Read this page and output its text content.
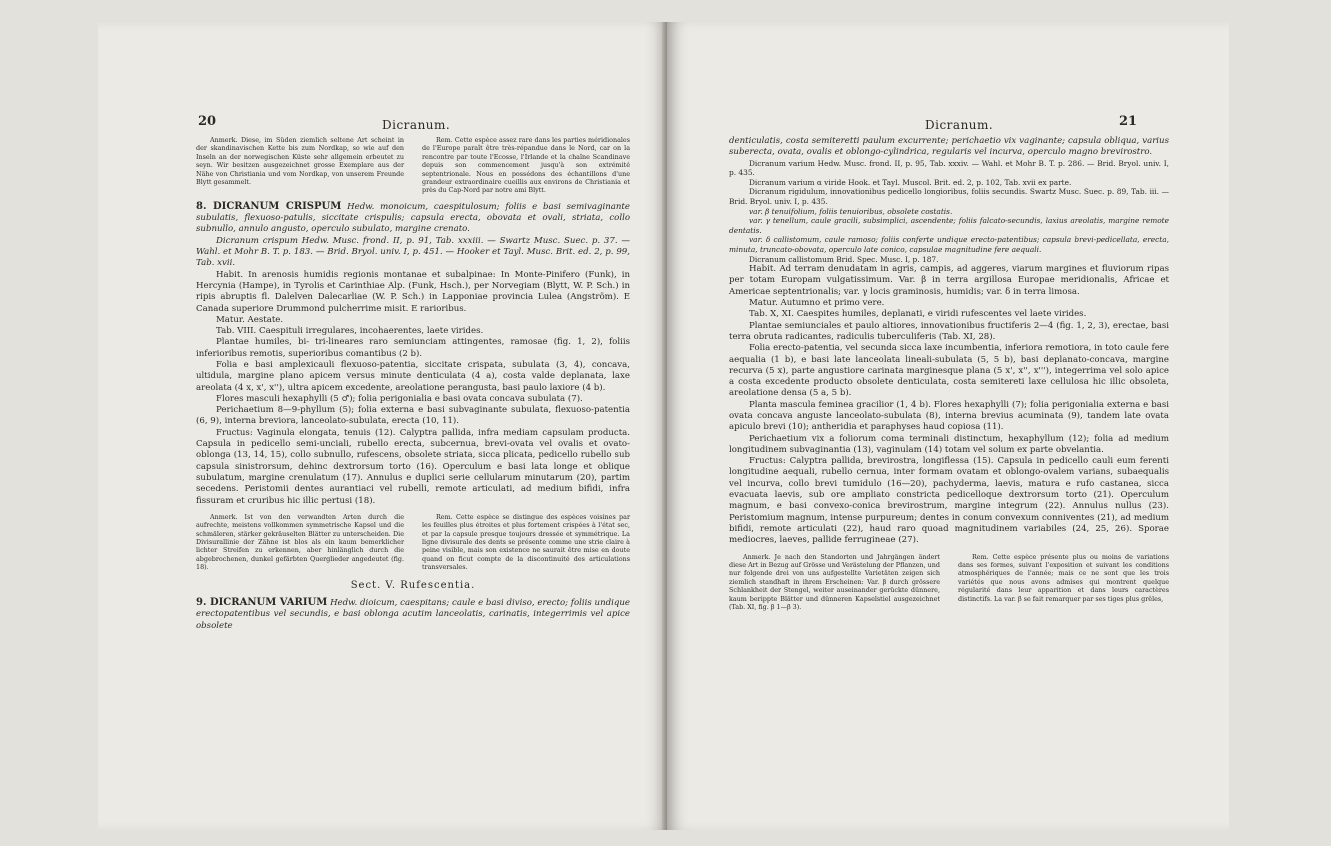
20	Dicranum.

Anmerk. Diese, im Süden ziemlich seltene Art scheint in der skandinavischen Kette bis zum Nordkap, so wie auf den Inseln an der norwegischen Küste sehr allgemein erbeutet zu seyn. Wir besitzen ausgezeichnet grosse Exemplare aus der Nähe von Christiania und vom Nordkap, von unserem Freunde Blytt gesammelt.

Rem. Cette espèce assez rare dans les parties méridionales de l'Europe paraît être très-répandue dans le Nord, car on la rencontre par toute l'Ecosse, l'Irlande et la chaîne Scandinave depuis son commencement jusqu'à son extrémité septentrionale. Nous en possédons des échantillons d'une grandeur extraordinaire cueillis aux environs de Christiania et près du Cap-Nord par notre ami Blytt.

8. DICRANUM CRISPUM Hedw. monoicum, caespitulosum; foliis e basi semivaginante subulatis, flexuoso-patulis, siccitate crispulis; capsula erecta, obovata et ovali, striata, collo subnullo, annulo angusto, operculo subulato, margine crenato.

Dicranum crispum Hedw. Musc. frond. II, p. 91, Tab. xxxiii. — Swartz Musc. Suec. p. 37. — Wahl. et Mohr B. T. p. 183. — Brid. Bryol. univ. I, p. 451. — Hooker et Tayl. Musc. Brit. ed. 2, p. 99, Tab. xvii.

Habit. In arenosis humidis regionis montanae et subalpinae: In Monte-Pinifero (Funk), in Hercynia (Hampe), in Tyrolis et Carinthiae Alp. (Funk, Hsch.), per Norvegiam (Blytt, W. P. Sch.) in ripis abruptis fl. Dalelven Dalecarliae (W. P. Sch.) in Lapponiae provincia Lulea (Angström). E Canada superiore Drummond pulcherrime misit. E rarioribus.

Matur. Aestate.

Tab. VIII. Caespituli irregulares, incohaerentes, laete virides.

Plantae humiles, bi- tri-lineares raro semiunciam attingentes, ramosae (fig. 1, 2), foliis inferioribus remotis, superioribus comantibus (2 b).

Folia e basi amplexicauli flexuoso-patentia, siccitate crispata, subulata (3, 4), concava, ultidula, margine plano apicem versus minute denticulata (4 a), costa valde deplanata, laxe areolata (4 x, x', x''), ultra apicem excedente, areolatione perangusta, basi paulo laxiore (4 b).

Flores masculi hexaphylli (5 ♂); folia perigonialia e basi ovata concava subulata (7).

Perichaetium 8—9-phyllum (5); folia externa e basi subvaginante subulata, flexuoso-patentia (6, 9), interna breviora, lanceolato-subulata, erecta (10, 11).

Fructus: Vaginula elongata, tenuis (12). Calyptra pallida, infra mediam capsulam producta. Capsula in pedicello semi-unciali, rubello erecta, subcernua, brevi-ovata vel ovalis et ovato-oblonga (13, 14, 15), collo subnullo, rufescens, obsolete striata, sicca plicata, pedicello rubello sub capsula sinistrorsum, dehinc dextrorsum torto (16). Operculum e basi lata longe et oblique subulatum, margine crenulatum (17). Annulus e duplici serie cellularum minutarum (20), partim secedens. Peristomii dentes aurantiaci vel rubelli, remote articulati, ad medium bifidi, infra fissuram et cruribus hic illic pertusi (18).

Anmerk. Ist von den verwandten Arten durch die aufrechte, meistens vollkommen symmetrische Kapsel und die schmäleren, stärker gekräuselten Blätter zu unterscheiden. Die Divisurallinie der Zähne ist blos als ein kaum bemerklicher lichter Streifen zu erkennen, aber hinlänglich durch die abgebrochenen, dunkel gefärbten Querglieder angedeutet (fig. 18).

Rem. Cette espèce se distingue des espèces voisines par les feuilles plus étroites et plus fortement crispées à l'état sec, et par la capsule presque toujours dressée et symmétrique. La ligne divisurale des dents se présente comme une strie claire à peine visible, mais son existence ne saurait être mise en doute quand on ficut compte de la discontinuité des articulations transversales.

Sect. V. Rufescentia.

9. DICRANUM VARIUM Hedw. dioicum, caespitans; caule e basi diviso, erecto; foliis undique erectopatentibus vel secundis, e basi oblonga acutim lanceolatis, carinatis, integerrimis vel apice obsolete

Dicranum.	21

denticulatis, costa semiteretti paulum excurrente; perichaetio vix vaginante; capsula obliqua, varius suberecta, ovata, ovalis et oblongo-cylindrica, regularis vel incurva, operculo magno brevirostro.

Dicranum varium Hedw. Musc. frond. II, p. 95, Tab. xxxiv. — Wahl. et Mohr B. T. p. 286. — Brid. Bryol. univ. I, p. 435.

Dicranum varium α viride Hook. et Tayl. Muscol. Brit. ed. 2, p. 102, Tab. xvii ex parte.

Dicranum rigidulum, innovationibus pedicello longioribus, foliis secundis. Swartz Musc. Suec. p. 89, Tab. iii. — Brid. Bryol. univ. I, p. 435.

var. β tenuifolium, foliis tenuioribus, obsolete costatis.

var. γ tenellum, caule gracili, subsimplici, ascendente; foliis falcato-secundis, laxius areolatis, margine remote dentatis.

var. δ callistomum, caule ramoso; foliis conferte undique erecto-patentibus; capsula brevi-pedicellata, erecta, minuta, truncato-obovata, operculo late conico, capsulae magnitudine fere aequali.

Dicranum callistomum Brid. Spec. Musc. I, p. 187.

Habit. Ad terram denudatam in agris, campis, ad aggeres, viarum margines et fluviorum ripas per totam Europam vulgatissimum. Var. β in terra argillosa Europae meridionalis, Africae et Americae septentrionalis; var. γ locis graminosis, humidis; var. δ in terra limosa.

Matur. Autumno et primo vere.

Tab. X, XI. Caespites humiles, deplanati, e viridi rufescentes vel laete virides.

Plantae semiunciales et paulo altiores, innovationibus fructiferis 2—4 (fig. 1, 2, 3), erectae, basi terra obruta radicantes, radiculis tuberculiferis (Tab. XI, 28).

Folia erecto-patentia, vel secunda sicca laxe incumbentia, inferiora remotiora, in toto caule fere aequalia (1 b), e basi late lanceolata lineali-subulata (5, 5 b), basi deplanato-concava, margine recurva (5 x), parte angustiore carinata marginesque plana (5 x', x'', x'''), integerrima vel solo apice a costa excedente producto obsolete denticulata, costa semitereti laxe cellulosa hic illic obsoleta, areolatione densa (5 a, 5 b).

Planta mascula feminea gracilior (1, 4 b). Flores hexaphylli (7); folia perigonialia externa e basi ovata concava anguste lanceolato-subulata (8), interna brevius acuminata (9), tandem late ovata apiculo brevi (10); antheridia et paraphyses haud copiosa (11).

Perichaetium vix a foliorum coma terminali distinctum, hexaphyllum (12); folia ad medium longitudinem subvaginantia (13), vaginulam (14) totam vel solum ex parte obvelantia.

Fructus: Calyptra pallida, brevirostra, longiflessa (15). Capsula in pedicello cauli eum ferenti longitudine aequali, rubello cernua, inter formam ovatam et oblongo-ovalem varians, subaequalis vel incurva, collo brevi tumidulo (16—20), pachyderma, laevis, matura e rufo castanea, sicca evacuata laevis, sub ore ampliato constricta pedicelloque dextrorsum torto (21). Operculum magnum, e basi convexo-conica brevirostrum, margine integrum (22). Annulus nullus (23). Peristomium magnum, intense purpureum; dentes in conum convexum conniventes (21), ad medium bifidi, remote articulati (22), haud raro quoad magnitudinem variabiles (24, 25, 26). Sporae mediocres, laeves, pallide ferrugineae (27).

Anmerk. Je nach den Standorten und Jahrgängen ändert diese Art in Bezug auf Grösse und Verästelung der Pflanzen, und nur folgende drei von uns aufgestellte Varietäten zeigen sich ziemlich standhaft in ihrem Erscheinen: Var. β durch grössere Schlankheit der Stengel, weiter auseinander gerückte dünnere, kaum berippte Blätter und dünneren Kapselstiel ausgezeichnet (Tab. XI, fig. β 1—β 3).

Rem. Cette espèce présente plus ou moins de variations dans ses formes, suivant l'exposition et suivant les conditions atmosphériques de l'année; mais ce ne sont que les trois variétés que nous avons admises qui montrent quelque régularité dans leur apparition et dans leurs caractères distinctifs. La var. β se fait remarquer par ses tiges plus grêles,
